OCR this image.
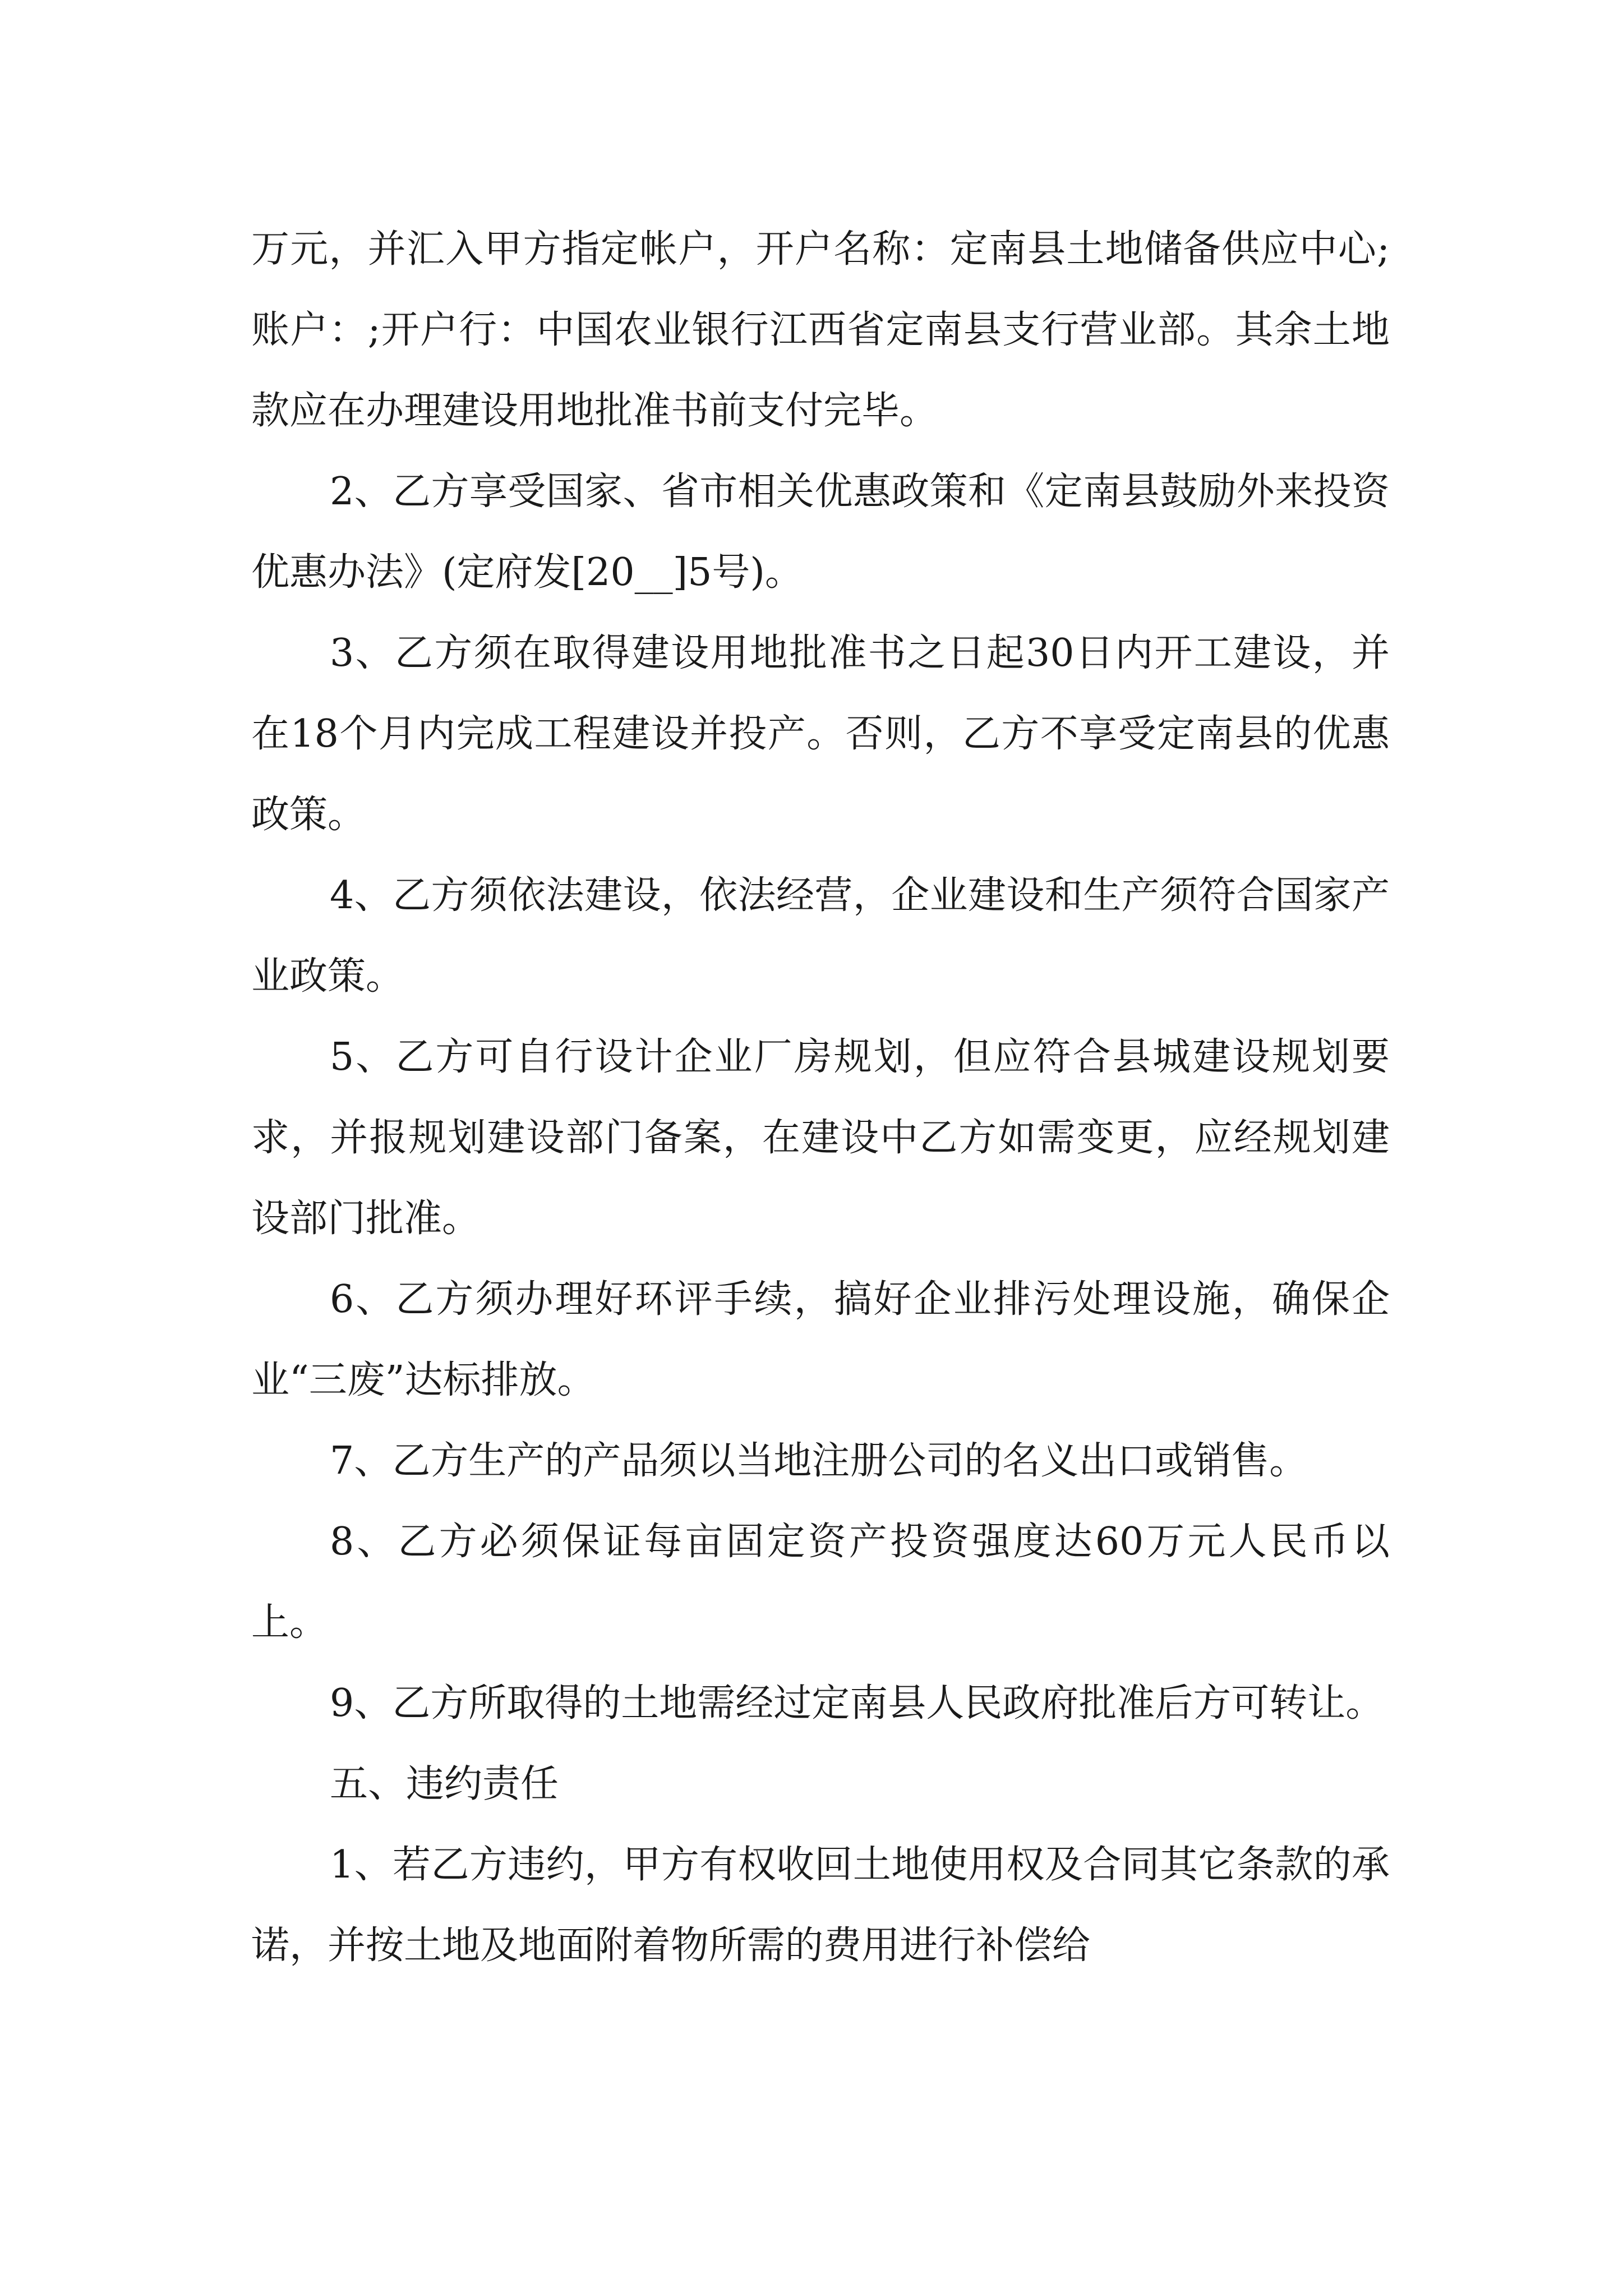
万元，并汇入甲方指定帐户，开户名称：定南县土地储备供应中心;账户：;开户行：中国农业银行江西省定南县支行营业部。其余土地款应在办理建设用地批准书前支付完毕。

2、乙方享受国家、省市相关优惠政策和《定南县鼓励外来投资优惠办法》(定府发[20__]5号)。

3、乙方须在取得建设用地批准书之日起30日内开工建设，并在18个月内完成工程建设并投产。否则，乙方不享受定南县的优惠政策。

4、乙方须依法建设，依法经营，企业建设和生产须符合国家产业政策。

5、乙方可自行设计企业厂房规划，但应符合县城建设规划要求，并报规划建设部门备案，在建设中乙方如需变更，应经规划建设部门批准。

6、乙方须办理好环评手续，搞好企业排污处理设施，确保企业“三废”达标排放。

7、乙方生产的产品须以当地注册公司的名义出口或销售。

8、乙方必须保证每亩固定资产投资强度达60万元人民币以上。

9、乙方所取得的土地需经过定南县人民政府批准后方可转让。

五、违约责任

1、若乙方违约，甲方有权收回土地使用权及合同其它条款的承诺，并按土地及地面附着物所需的费用进行补偿给
